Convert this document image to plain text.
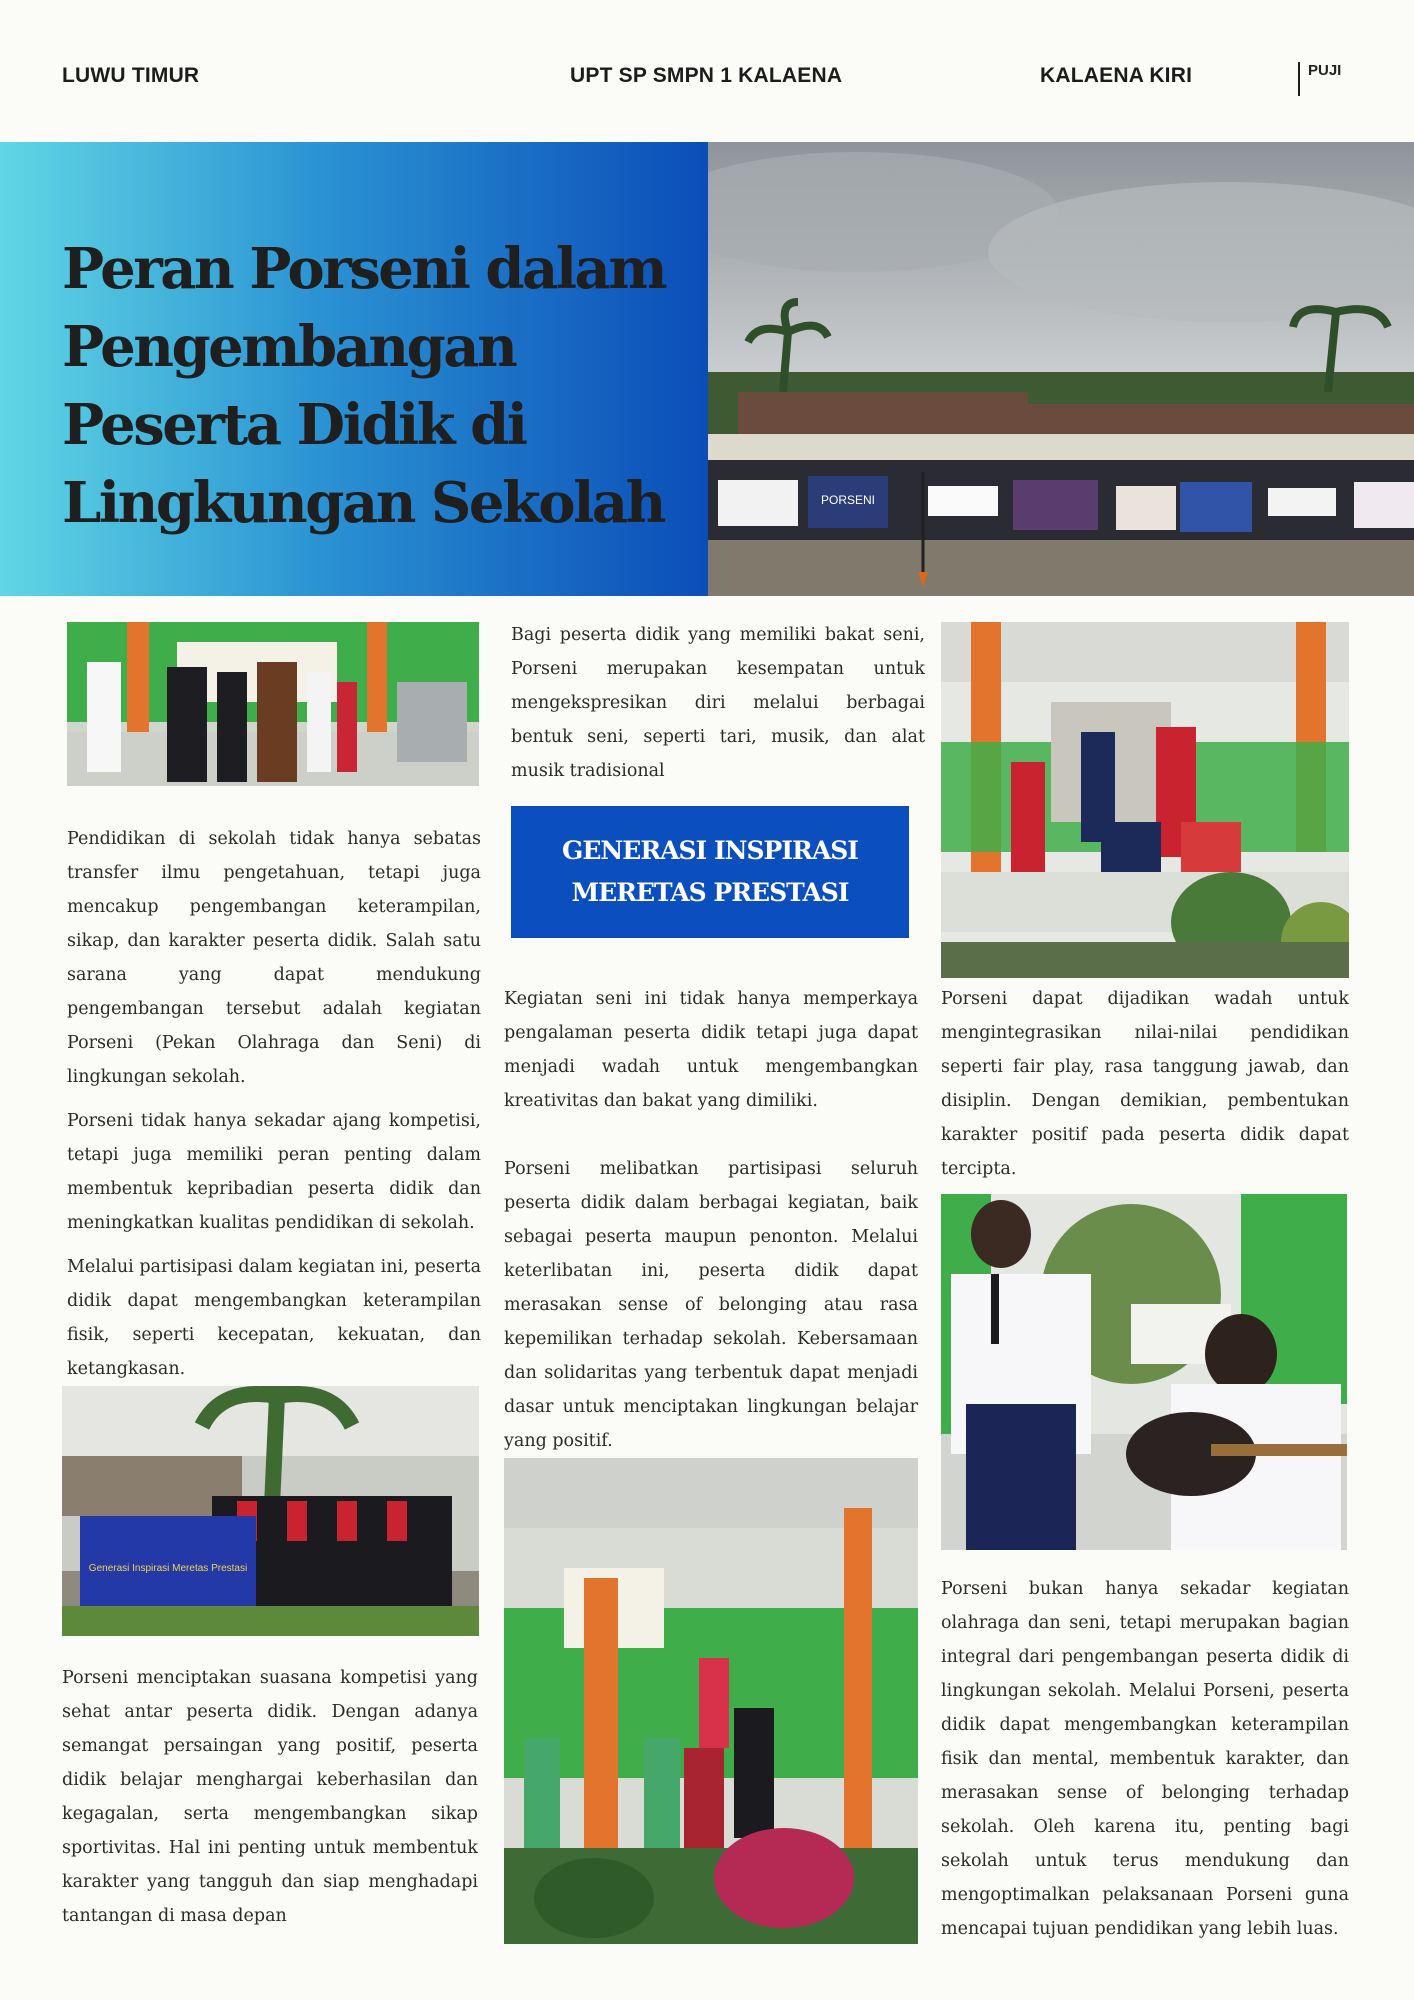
LUWU TIMUR	UPT SP SMPN 1 KALAENA	KALAENA KIRI	PUJI
Peran Porseni dalam Pengembangan Peserta Didik di Lingkungan Sekolah	PORSENI

Pendidikan di sekolah tidak hanya sebatas transfer ilmu pengetahuan, tetapi juga mencakup pengembangan keterampilan, sikap, dan karakter peserta didik. Salah satu sarana yang dapat mendukung pengembangan tersebut adalah kegiatan Porseni (Pekan Olahraga dan Seni) di lingkungan sekolah.

Porseni tidak hanya sekadar ajang kompetisi, tetapi juga memiliki peran penting dalam membentuk kepribadian peserta didik dan meningkatkan kualitas pendidikan di sekolah.

Melalui partisipasi dalam kegiatan ini, peserta didik dapat mengembangkan keterampilan fisik, seperti kecepatan, kekuatan, dan ketangkasan.

Generasi Inspirasi Meretas Prestasi

Porseni menciptakan suasana kompetisi yang sehat antar peserta didik. Dengan adanya semangat persaingan yang positif, peserta didik belajar menghargai keberhasilan dan kegagalan, serta mengembangkan sikap sportivitas. Hal ini penting untuk membentuk karakter yang tangguh dan siap menghadapi tantangan di masa depan

Bagi peserta didik yang memiliki bakat seni, Porseni merupakan kesempatan untuk mengekspresikan diri melalui berbagai bentuk seni, seperti tari, musik, dan alat musik tradisional

GENERASI INSPIRASI MERETAS PRESTASI

Kegiatan seni ini tidak hanya memperkaya pengalaman peserta didik tetapi juga dapat menjadi wadah untuk mengembangkan kreativitas dan bakat yang dimiliki.

Porseni melibatkan partisipasi seluruh peserta didik dalam berbagai kegiatan, baik sebagai peserta maupun penonton. Melalui keterlibatan ini, peserta didik dapat merasakan sense of belonging atau rasa kepemilikan terhadap sekolah. Kebersamaan dan solidaritas yang terbentuk dapat menjadi dasar untuk menciptakan lingkungan belajar yang positif.

Porseni dapat dijadikan wadah untuk mengintegrasikan nilai-nilai pendidikan seperti fair play, rasa tanggung jawab, dan disiplin. Dengan demikian, pembentukan karakter positif pada peserta didik dapat tercipta.

Porseni bukan hanya sekadar kegiatan olahraga dan seni, tetapi merupakan bagian integral dari pengembangan peserta didik di lingkungan sekolah. Melalui Porseni, peserta didik dapat mengembangkan keterampilan fisik dan mental, membentuk karakter, dan merasakan sense of belonging terhadap sekolah. Oleh karena itu, penting bagi sekolah untuk terus mendukung dan mengoptimalkan pelaksanaan Porseni guna mencapai tujuan pendidikan yang lebih luas.
